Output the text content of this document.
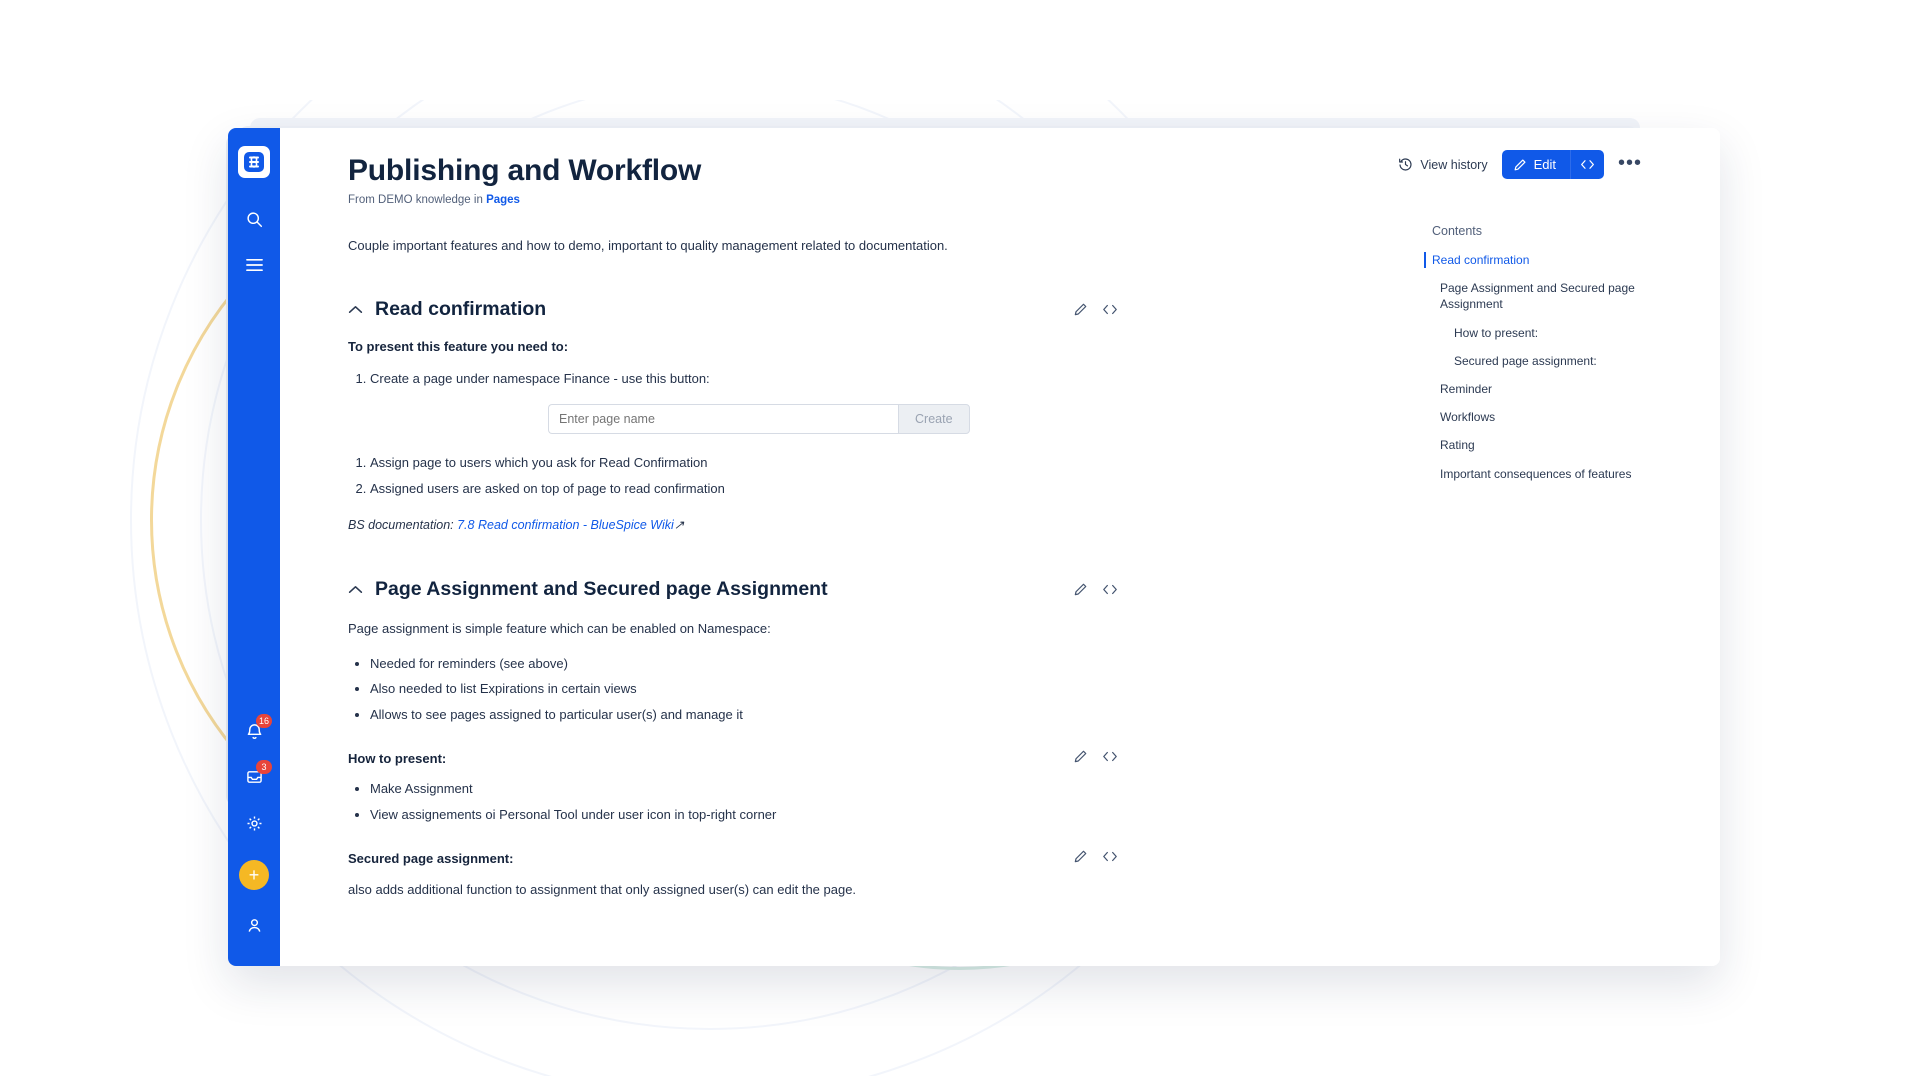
16
3
+
View history	Edit	•••
Publishing and Workflow
From DEMO knowledge in Pages

Couple important features and how to demo, important to quality management related to documentation.

Read confirmation

To present this feature you need to:

1. Create a page under namespace Finance - use this button:
Enter page name
Create
1. Assign page to users which you ask for Read Confirmation
2. Assigned users are asked on top of page to read confirmation

BS documentation: 7.8 Read confirmation - BlueSpice Wiki↗

Page Assignment and Secured page Assignment

Page assignment is simple feature which can be enabled on Namespace:

• Needed for reminders (see above)
• Also needed to list Expirations in certain views
• Allows to see pages assigned to particular user(s) and manage it
How to present:
• Make Assignment
• View assignements oi Personal Tool under user icon in top-right corner
Secured page assignment:

also adds additional function to assignment that only assigned user(s) can edit the page.

Contents
Read confirmation
Page Assignment and Secured page Assignment
How to present:
Secured page assignment:
Reminder
Workflows
Rating
Important consequences of features
